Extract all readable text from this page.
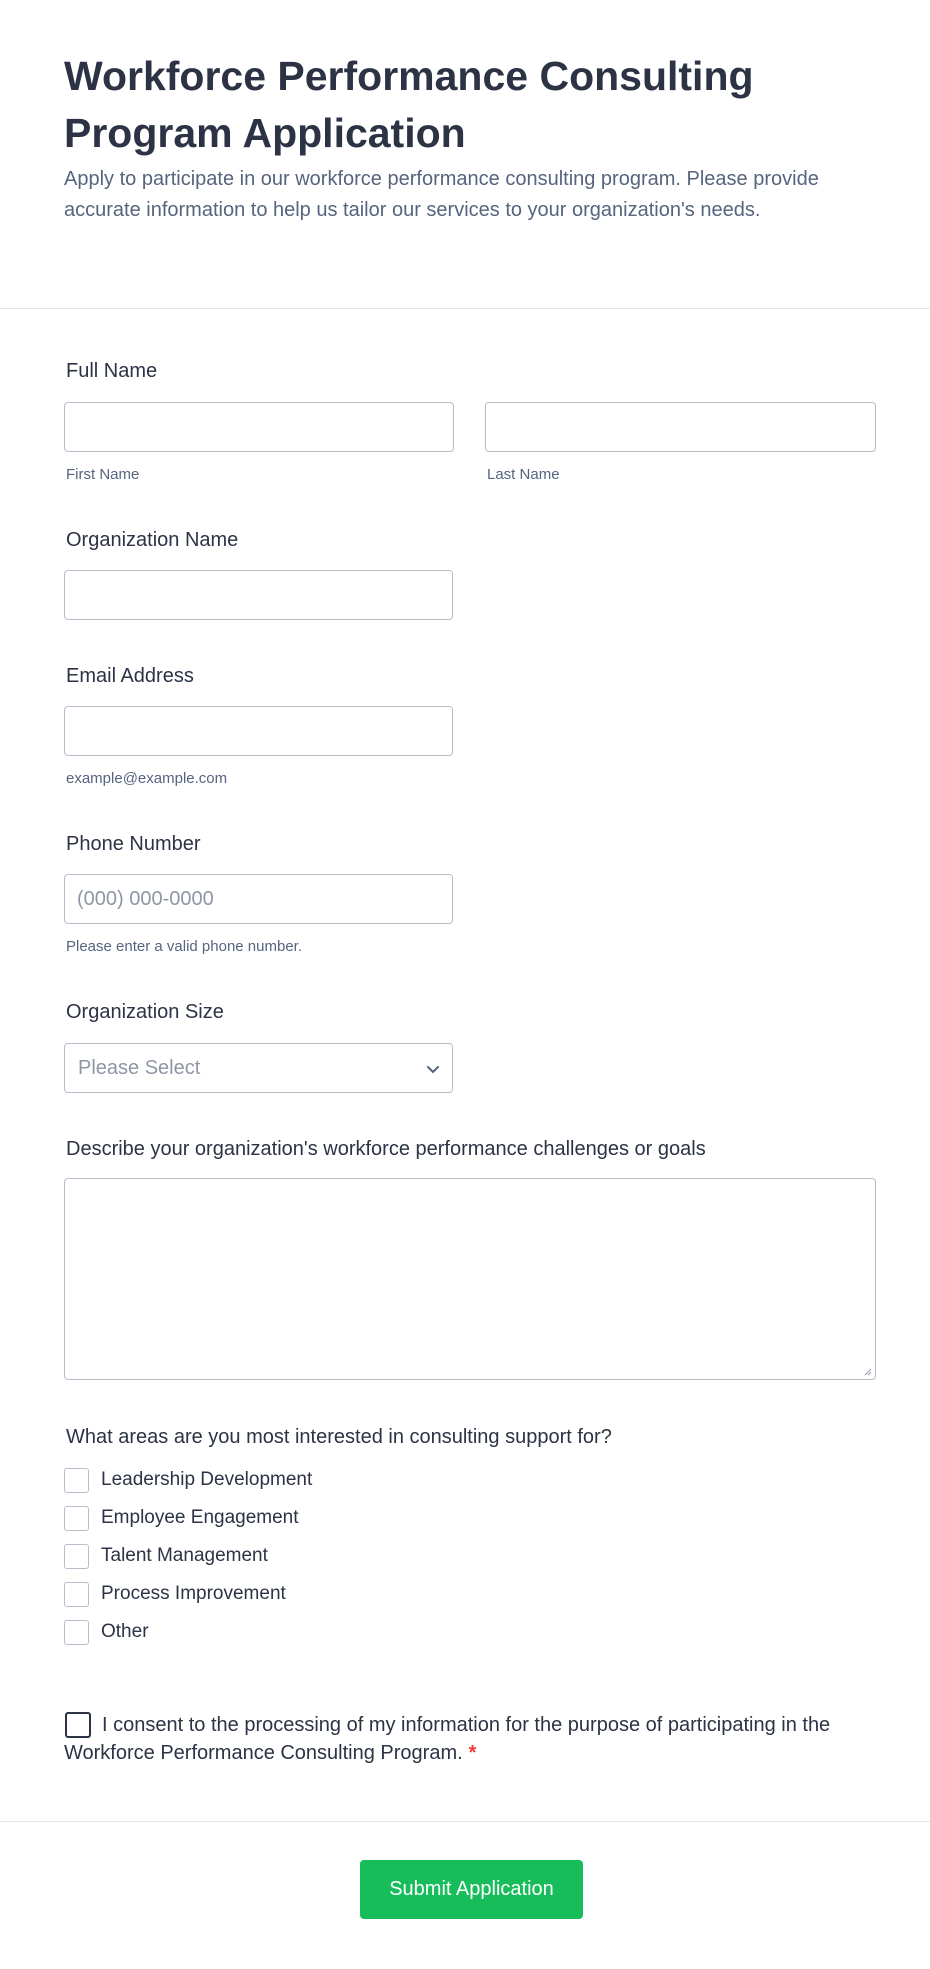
Workforce Performance Consulting Program Application

Apply to participate in our workforce performance consulting program. Please provide accurate information to help us tailor our services to your organization's needs.

Full Name
First Name	Last Name
Organization Name
Email Address
example@example.com
Phone Number
(000) 000-0000
Please enter a valid phone number.
Organization Size
Please Select
Describe your organization's workforce performance challenges or goals
What areas are you most interested in consulting support for?
Leadership Development
Employee Engagement
Talent Management
Process Improvement
Other
I consent to the processing of my information for the purpose of participating in the Workforce Performance Consulting Program. *
Submit Application
